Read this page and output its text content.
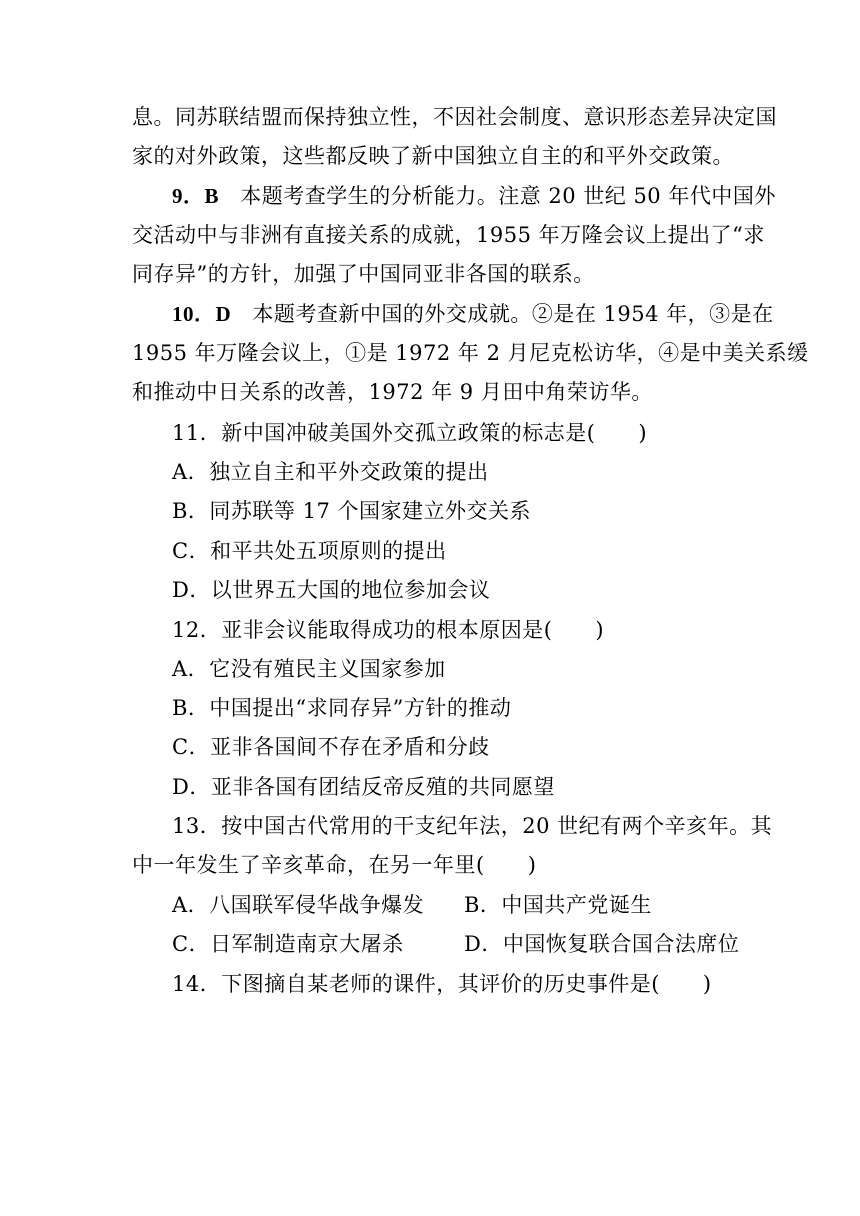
息。同苏联结盟而保持独立性，不因社会制度、意识形态差异决定国
家的对外政策，这些都反映了新中国独立自主的和平外交政策。
9．B 本题考查学生的分析能力。注意 20 世纪 50 年代中国外
交活动中与非洲有直接关系的成就，1955 年万隆会议上提出了“求
同存异”的方针，加强了中国同亚非各国的联系。
10．D 本题考查新中国的外交成就。②是在 1954 年，③是在
1955 年万隆会议上，①是 1972 年 2 月尼克松访华，④是中美关系缓
和推动中日关系的改善，1972 年 9 月田中角荣访华。
11．新中国冲破美国外交孤立政策的标志是(　　)
A．独立自主和平外交政策的提出
B．同苏联等 17 个国家建立外交关系
C．和平共处五项原则的提出
D．以世界五大国的地位参加会议
12．亚非会议能取得成功的根本原因是(　　)
A．它没有殖民主义国家参加
B．中国提出“求同存异”方针的推动
C．亚非各国间不存在矛盾和分歧
D．亚非各国有团结反帝反殖的共同愿望
13．按中国古代常用的干支纪年法，20 世纪有两个辛亥年。其
中一年发生了辛亥革命，在另一年里(　　)
A．八国联军侵华战争爆发 B．中国共产党诞生
C．日军制造南京大屠杀	D．中国恢复联合国合法席位
14．下图摘自某老师的课件，其评价的历史事件是(　　)
